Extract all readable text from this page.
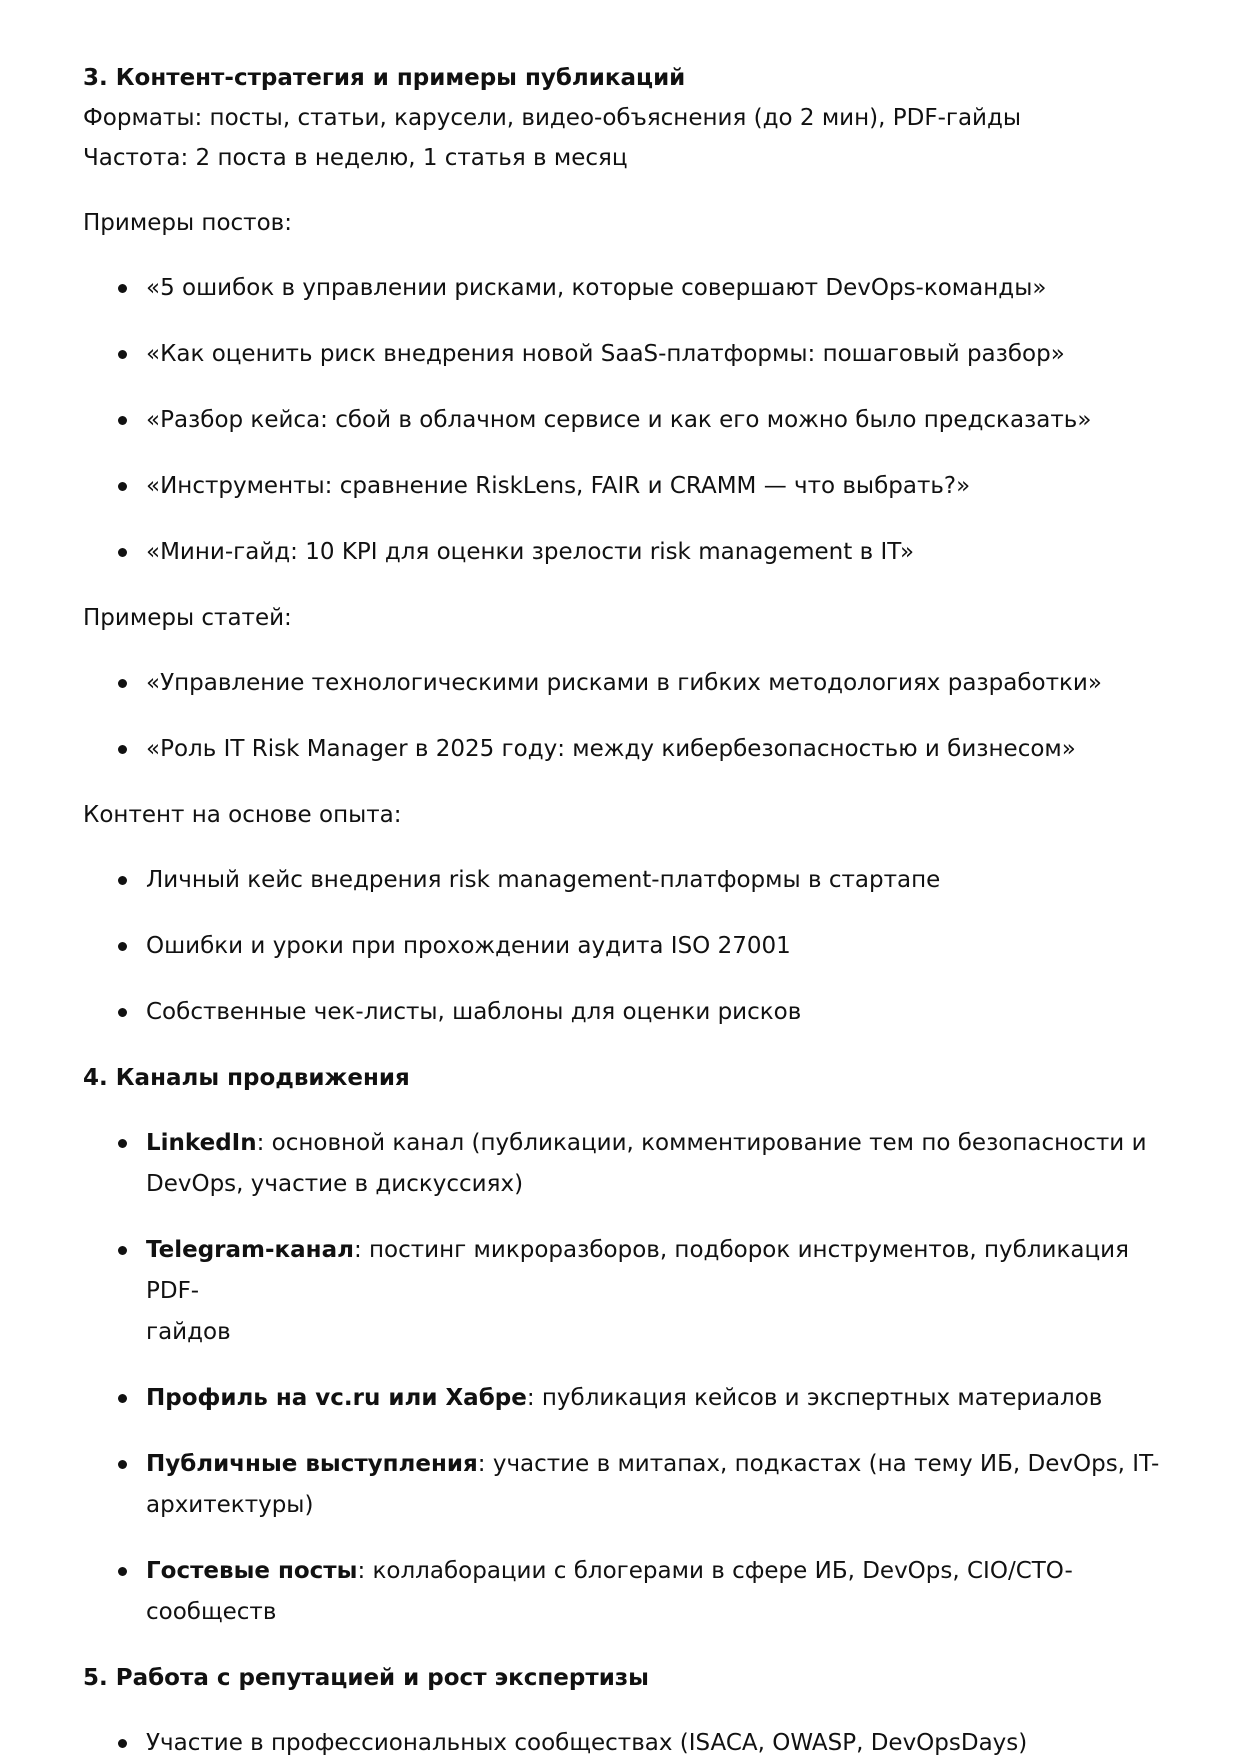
3. Контент-стратегия и примеры публикаций

Форматы: посты, статьи, карусели, видео-объяснения (до 2 мин), PDF-гайды

Частота: 2 поста в неделю, 1 статья в месяц

Примеры постов:

«5 ошибок в управлении рисками, которые совершают DevOps-команды»
«Как оценить риск внедрения новой SaaS-платформы: пошаговый разбор»
«Разбор кейса: сбой в облачном сервисе и как его можно было предсказать»
«Инструменты: сравнение RiskLens, FAIR и CRAMM — что выбрать?»
«Мини-гайд: 10 KPI для оценки зрелости risk management в IT»

Примеры статей:

«Управление технологическими рисками в гибких методологиях разработки»
«Роль IT Risk Manager в 2025 году: между кибербезопасностью и бизнесом»

Контент на основе опыта:

Личный кейс внедрения risk management-платформы в стартапе
Ошибки и уроки при прохождении аудита ISO 27001
Собственные чек-листы, шаблоны для оценки рисков

4. Каналы продвижения

LinkedIn: основной канал (публикации, комментирование тем по безопасности и
DevOps, участие в дискуссиях)
Telegram-канал: постинг микроразборов, подборок инструментов, публикация PDF-
гайдов
Профиль на vc.ru или Хабре: публикация кейсов и экспертных материалов
Публичные выступления: участие в митапах, подкастах (на тему ИБ, DevOps, IT-
архитектуры)
Гостевые посты: коллаборации с блогерами в сфере ИБ, DevOps, CIO/CTO-сообществ

5. Работа с репутацией и рост экспертизы

Участие в профессиональных сообществах (ISACA, OWASP, DevOpsDays)
